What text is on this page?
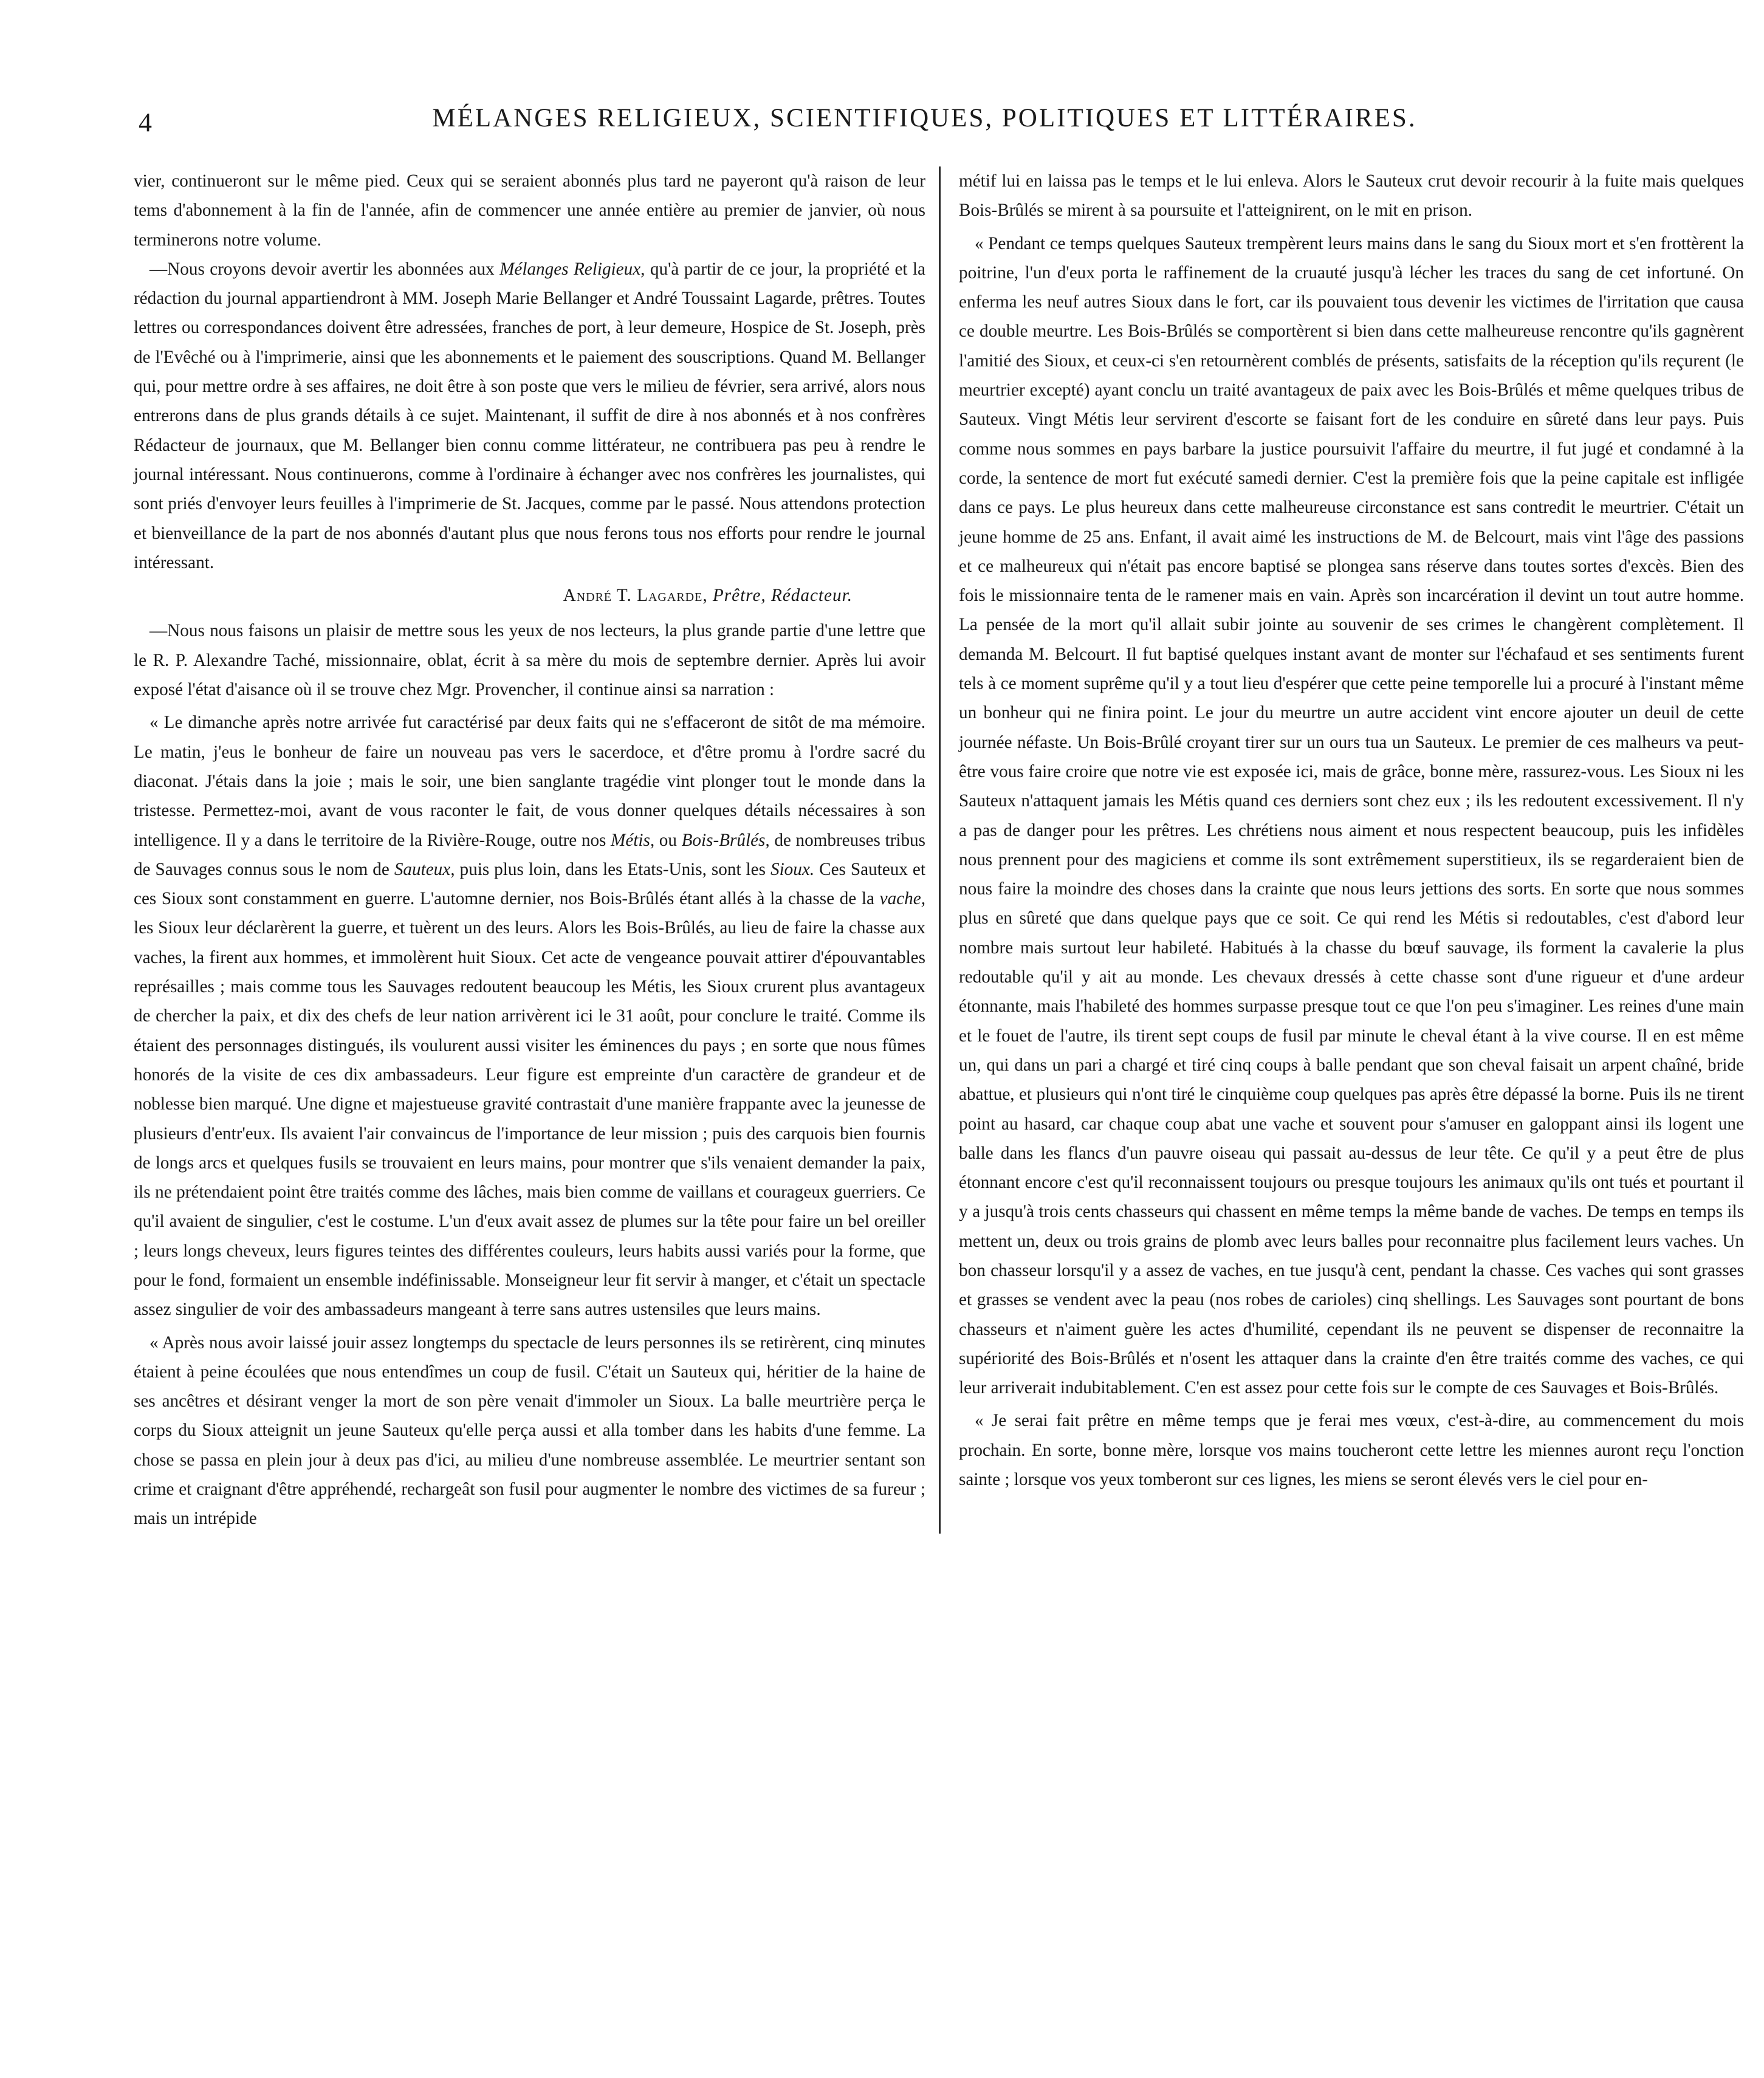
4	MÉLANGES RELIGIEUX, SCIENTIFIQUES, POLITIQUES ET LITTÉRAIRES.

vier, continueront sur le même pied. Ceux qui se seraient abonnés plus tard ne payeront qu'à raison de leur tems d'abonnement à la fin de l'année, afin de commencer une année entière au premier de janvier, où nous terminerons notre volume.

—Nous croyons devoir avertir les abonnées aux Mélanges Religieux, qu'à partir de ce jour, la propriété et la rédaction du journal appartiendront à MM. Joseph Marie Bellanger et André Toussaint Lagarde, prêtres. Toutes lettres ou correspondances doivent être adressées, franches de port, à leur demeure, Hospice de St. Joseph, près de l'Evêché ou à l'imprimerie, ainsi que les abonnements et le paiement des souscriptions. Quand M. Bellanger qui, pour mettre ordre à ses affaires, ne doit être à son poste que vers le milieu de février, sera arrivé, alors nous entrerons dans de plus grands détails à ce sujet. Maintenant, il suffit de dire à nos abonnés et à nos confrères Rédacteur de journaux, que M. Bellanger bien connu comme littérateur, ne contribuera pas peu à rendre le journal intéressant. Nous continuerons, comme à l'ordinaire à échanger avec nos confrères les journalistes, qui sont priés d'envoyer leurs feuilles à l'imprimerie de St. Jacques, comme par le passé. Nous attendons protection et bienveillance de la part de nos abonnés d'autant plus que nous ferons tous nos efforts pour rendre le journal intéressant.

André T. Lagarde, Prêtre, Rédacteur.

—Nous nous faisons un plaisir de mettre sous les yeux de nos lecteurs, la plus grande partie d'une lettre que le R. P. Alexandre Taché, missionnaire, oblat, écrit à sa mère du mois de septembre dernier. Après lui avoir exposé l'état d'aisance où il se trouve chez Mgr. Provencher, il continue ainsi sa narration :

« Le dimanche après notre arrivée fut caractérisé par deux faits qui ne s'effaceront de sitôt de ma mémoire. Le matin, j'eus le bonheur de faire un nouveau pas vers le sacerdoce, et d'être promu à l'ordre sacré du diaconat. J'étais dans la joie ; mais le soir, une bien sanglante tragédie vint plonger tout le monde dans la tristesse. Permettez-moi, avant de vous raconter le fait, de vous donner quelques détails nécessaires à son intelligence. Il y a dans le territoire de la Rivière-Rouge, outre nos Métis, ou Bois-Brûlés, de nombreuses tribus de Sauvages connus sous le nom de Sauteux, puis plus loin, dans les Etats-Unis, sont les Sioux. Ces Sauteux et ces Sioux sont constamment en guerre. L'automne dernier, nos Bois-Brûlés étant allés à la chasse de la vache, les Sioux leur déclarèrent la guerre, et tuèrent un des leurs. Alors les Bois-Brûlés, au lieu de faire la chasse aux vaches, la firent aux hommes, et immolèrent huit Sioux. Cet acte de vengeance pouvait attirer d'épouvantables représailles ; mais comme tous les Sauvages redoutent beaucoup les Métis, les Sioux crurent plus avantageux de chercher la paix, et dix des chefs de leur nation arrivèrent ici le 31 août, pour conclure le traité. Comme ils étaient des personnages distingués, ils voulurent aussi visiter les éminences du pays ; en sorte que nous fûmes honorés de la visite de ces dix ambassadeurs. Leur figure est empreinte d'un caractère de grandeur et de noblesse bien marqué. Une digne et majestueuse gravité contrastait d'une manière frappante avec la jeunesse de plusieurs d'entr'eux. Ils avaient l'air convaincus de l'importance de leur mission ; puis des carquois bien fournis de longs arcs et quelques fusils se trouvaient en leurs mains, pour montrer que s'ils venaient demander la paix, ils ne prétendaient point être traités comme des lâches, mais bien comme de vaillans et courageux guerriers. Ce qu'il avaient de singulier, c'est le costume. L'un d'eux avait assez de plumes sur la tête pour faire un bel oreiller ; leurs longs cheveux, leurs figures teintes des différentes couleurs, leurs habits aussi variés pour la forme, que pour le fond, formaient un ensemble indéfinissable. Monseigneur leur fit servir à manger, et c'était un spectacle assez singulier de voir des ambassadeurs mangeant à terre sans autres ustensiles que leurs mains.

« Après nous avoir laissé jouir assez longtemps du spectacle de leurs personnes ils se retirèrent, cinq minutes étaient à peine écoulées que nous entendîmes un coup de fusil. C'était un Sauteux qui, héritier de la haine de ses ancêtres et désirant venger la mort de son père venait d'immoler un Sioux. La balle meurtrière perça le corps du Sioux atteignit un jeune Sauteux qu'elle perça aussi et alla tomber dans les habits d'une femme. La chose se passa en plein jour à deux pas d'ici, au milieu d'une nombreuse assemblée. Le meurtrier sentant son crime et craignant d'être appréhendé, rechargeât son fusil pour augmenter le nombre des victimes de sa fureur ; mais un intrépide

métif lui en laissa pas le temps et le lui enleva. Alors le Sauteux crut devoir recourir à la fuite mais quelques Bois-Brûlés se mirent à sa poursuite et l'atteignirent, on le mit en prison.

« Pendant ce temps quelques Sauteux trempèrent leurs mains dans le sang du Sioux mort et s'en frottèrent la poitrine, l'un d'eux porta le raffinement de la cruauté jusqu'à lécher les traces du sang de cet infortuné. On enferma les neuf autres Sioux dans le fort, car ils pouvaient tous devenir les victimes de l'irritation que causa ce double meurtre. Les Bois-Brûlés se comportèrent si bien dans cette malheureuse rencontre qu'ils gagnèrent l'amitié des Sioux, et ceux-ci s'en retournèrent comblés de présents, satisfaits de la réception qu'ils reçurent (le meurtrier excepté) ayant conclu un traité avantageux de paix avec les Bois-Brûlés et même quelques tribus de Sauteux. Vingt Métis leur servirent d'escorte se faisant fort de les conduire en sûreté dans leur pays. Puis comme nous sommes en pays barbare la justice poursuivit l'affaire du meurtre, il fut jugé et condamné à la corde, la sentence de mort fut exécuté samedi dernier. C'est la première fois que la peine capitale est infligée dans ce pays. Le plus heureux dans cette malheureuse circonstance est sans contredit le meurtrier. C'était un jeune homme de 25 ans. Enfant, il avait aimé les instructions de M. de Belcourt, mais vint l'âge des passions et ce malheureux qui n'était pas encore baptisé se plongea sans réserve dans toutes sortes d'excès. Bien des fois le missionnaire tenta de le ramener mais en vain. Après son incarcération il devint un tout autre homme. La pensée de la mort qu'il allait subir jointe au souvenir de ses crimes le changèrent complètement. Il demanda M. Belcourt. Il fut baptisé quelques instant avant de monter sur l'échafaud et ses sentiments furent tels à ce moment suprême qu'il y a tout lieu d'espérer que cette peine temporelle lui a procuré à l'instant même un bonheur qui ne finira point. Le jour du meurtre un autre accident vint encore ajouter un deuil de cette journée néfaste. Un Bois-Brûlé croyant tirer sur un ours tua un Sauteux. Le premier de ces malheurs va peut-être vous faire croire que notre vie est exposée ici, mais de grâce, bonne mère, rassurez-vous. Les Sioux ni les Sauteux n'attaquent jamais les Métis quand ces derniers sont chez eux ; ils les redoutent excessivement. Il n'y a pas de danger pour les prêtres. Les chrétiens nous aiment et nous respectent beaucoup, puis les infidèles nous prennent pour des magiciens et comme ils sont extrêmement superstitieux, ils se regarderaient bien de nous faire la moindre des choses dans la crainte que nous leurs jettions des sorts. En sorte que nous sommes plus en sûreté que dans quelque pays que ce soit. Ce qui rend les Métis si redoutables, c'est d'abord leur nombre mais surtout leur habileté. Habitués à la chasse du bœuf sauvage, ils forment la cavalerie la plus redoutable qu'il y ait au monde. Les chevaux dressés à cette chasse sont d'une rigueur et d'une ardeur étonnante, mais l'habileté des hommes surpasse presque tout ce que l'on peu s'imaginer. Les reines d'une main et le fouet de l'autre, ils tirent sept coups de fusil par minute le cheval étant à la vive course. Il en est même un, qui dans un pari a chargé et tiré cinq coups à balle pendant que son cheval faisait un arpent chaîné, bride abattue, et plusieurs qui n'ont tiré le cinquième coup quelques pas après être dépassé la borne. Puis ils ne tirent point au hasard, car chaque coup abat une vache et souvent pour s'amuser en galoppant ainsi ils logent une balle dans les flancs d'un pauvre oiseau qui passait au-dessus de leur tête. Ce qu'il y a peut être de plus étonnant encore c'est qu'il reconnaissent toujours ou presque toujours les animaux qu'ils ont tués et pourtant il y a jusqu'à trois cents chasseurs qui chassent en même temps la même bande de vaches. De temps en temps ils mettent un, deux ou trois grains de plomb avec leurs balles pour reconnaitre plus facilement leurs vaches. Un bon chasseur lorsqu'il y a assez de vaches, en tue jusqu'à cent, pendant la chasse. Ces vaches qui sont grasses et grasses se vendent avec la peau (nos robes de carioles) cinq shellings. Les Sauvages sont pourtant de bons chasseurs et n'aiment guère les actes d'humilité, cependant ils ne peuvent se dispenser de reconnaitre la supériorité des Bois-Brûlés et n'osent les attaquer dans la crainte d'en être traités comme des vaches, ce qui leur arriverait indubitablement. C'en est assez pour cette fois sur le compte de ces Sauvages et Bois-Brûlés.

« Je serai fait prêtre en même temps que je ferai mes vœux, c'est-à-dire, au commencement du mois prochain. En sorte, bonne mère, lorsque vos mains toucheront cette lettre les miennes auront reçu l'onction sainte ; lorsque vos yeux tomberont sur ces lignes, les miens se seront élevés vers le ciel pour en-
